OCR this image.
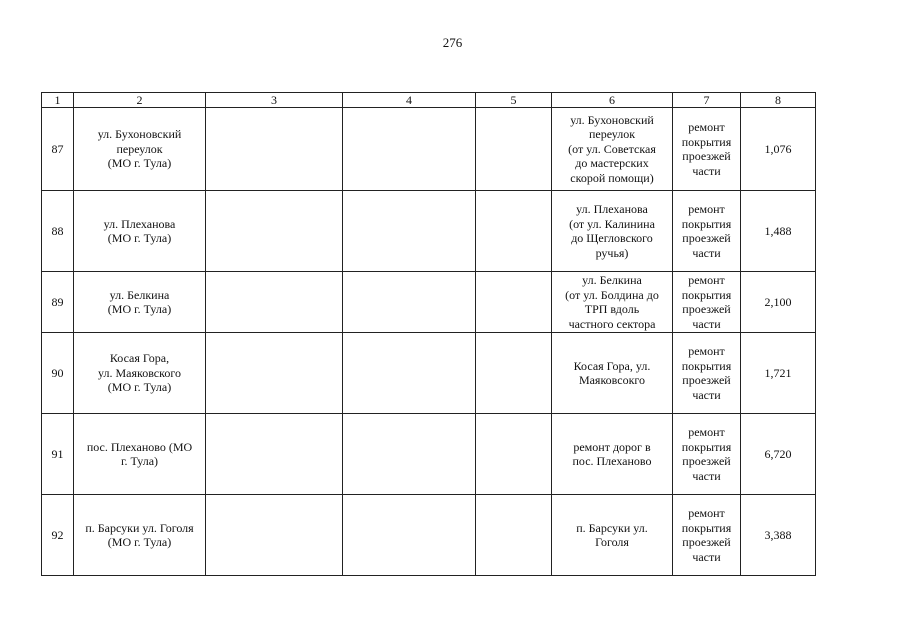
276
1	2	3	4	5	6	7	8

87	ул. Бухоновский
переулок
(МО г. Тула)				ул. Бухоновский
переулок
(от ул. Советская
до мастерских
скорой помощи)	ремонт
покрытия
проезжей
части	1,076

88	ул. Плеханова
(МО г. Тула)				ул. Плеханова
(от ул. Калинина
до Щегловского
ручья)	ремонт
покрытия
проезжей
части	1,488

89	ул. Белкина
(МО г. Тула)				ул. Белкина
(от ул. Болдина до
ТРП вдоль
частного сектора	ремонт
покрытия
проезжей
части	2,100

90	Косая Гора,
ул. Маяковского
(МО г. Тула)				Косая Гора, ул.
Маяковсокго	ремонт
покрытия
проезжей
части	1,721

91	пос. Плеханово (МО
г. Тула)				ремонт дорог в
пос. Плеханово	ремонт
покрытия
проезжей
части	6,720

92	п. Барсуки ул. Гоголя
(МО г. Тула)				п. Барсуки ул.
Гоголя	ремонт
покрытия
проезжей
части	3,388
